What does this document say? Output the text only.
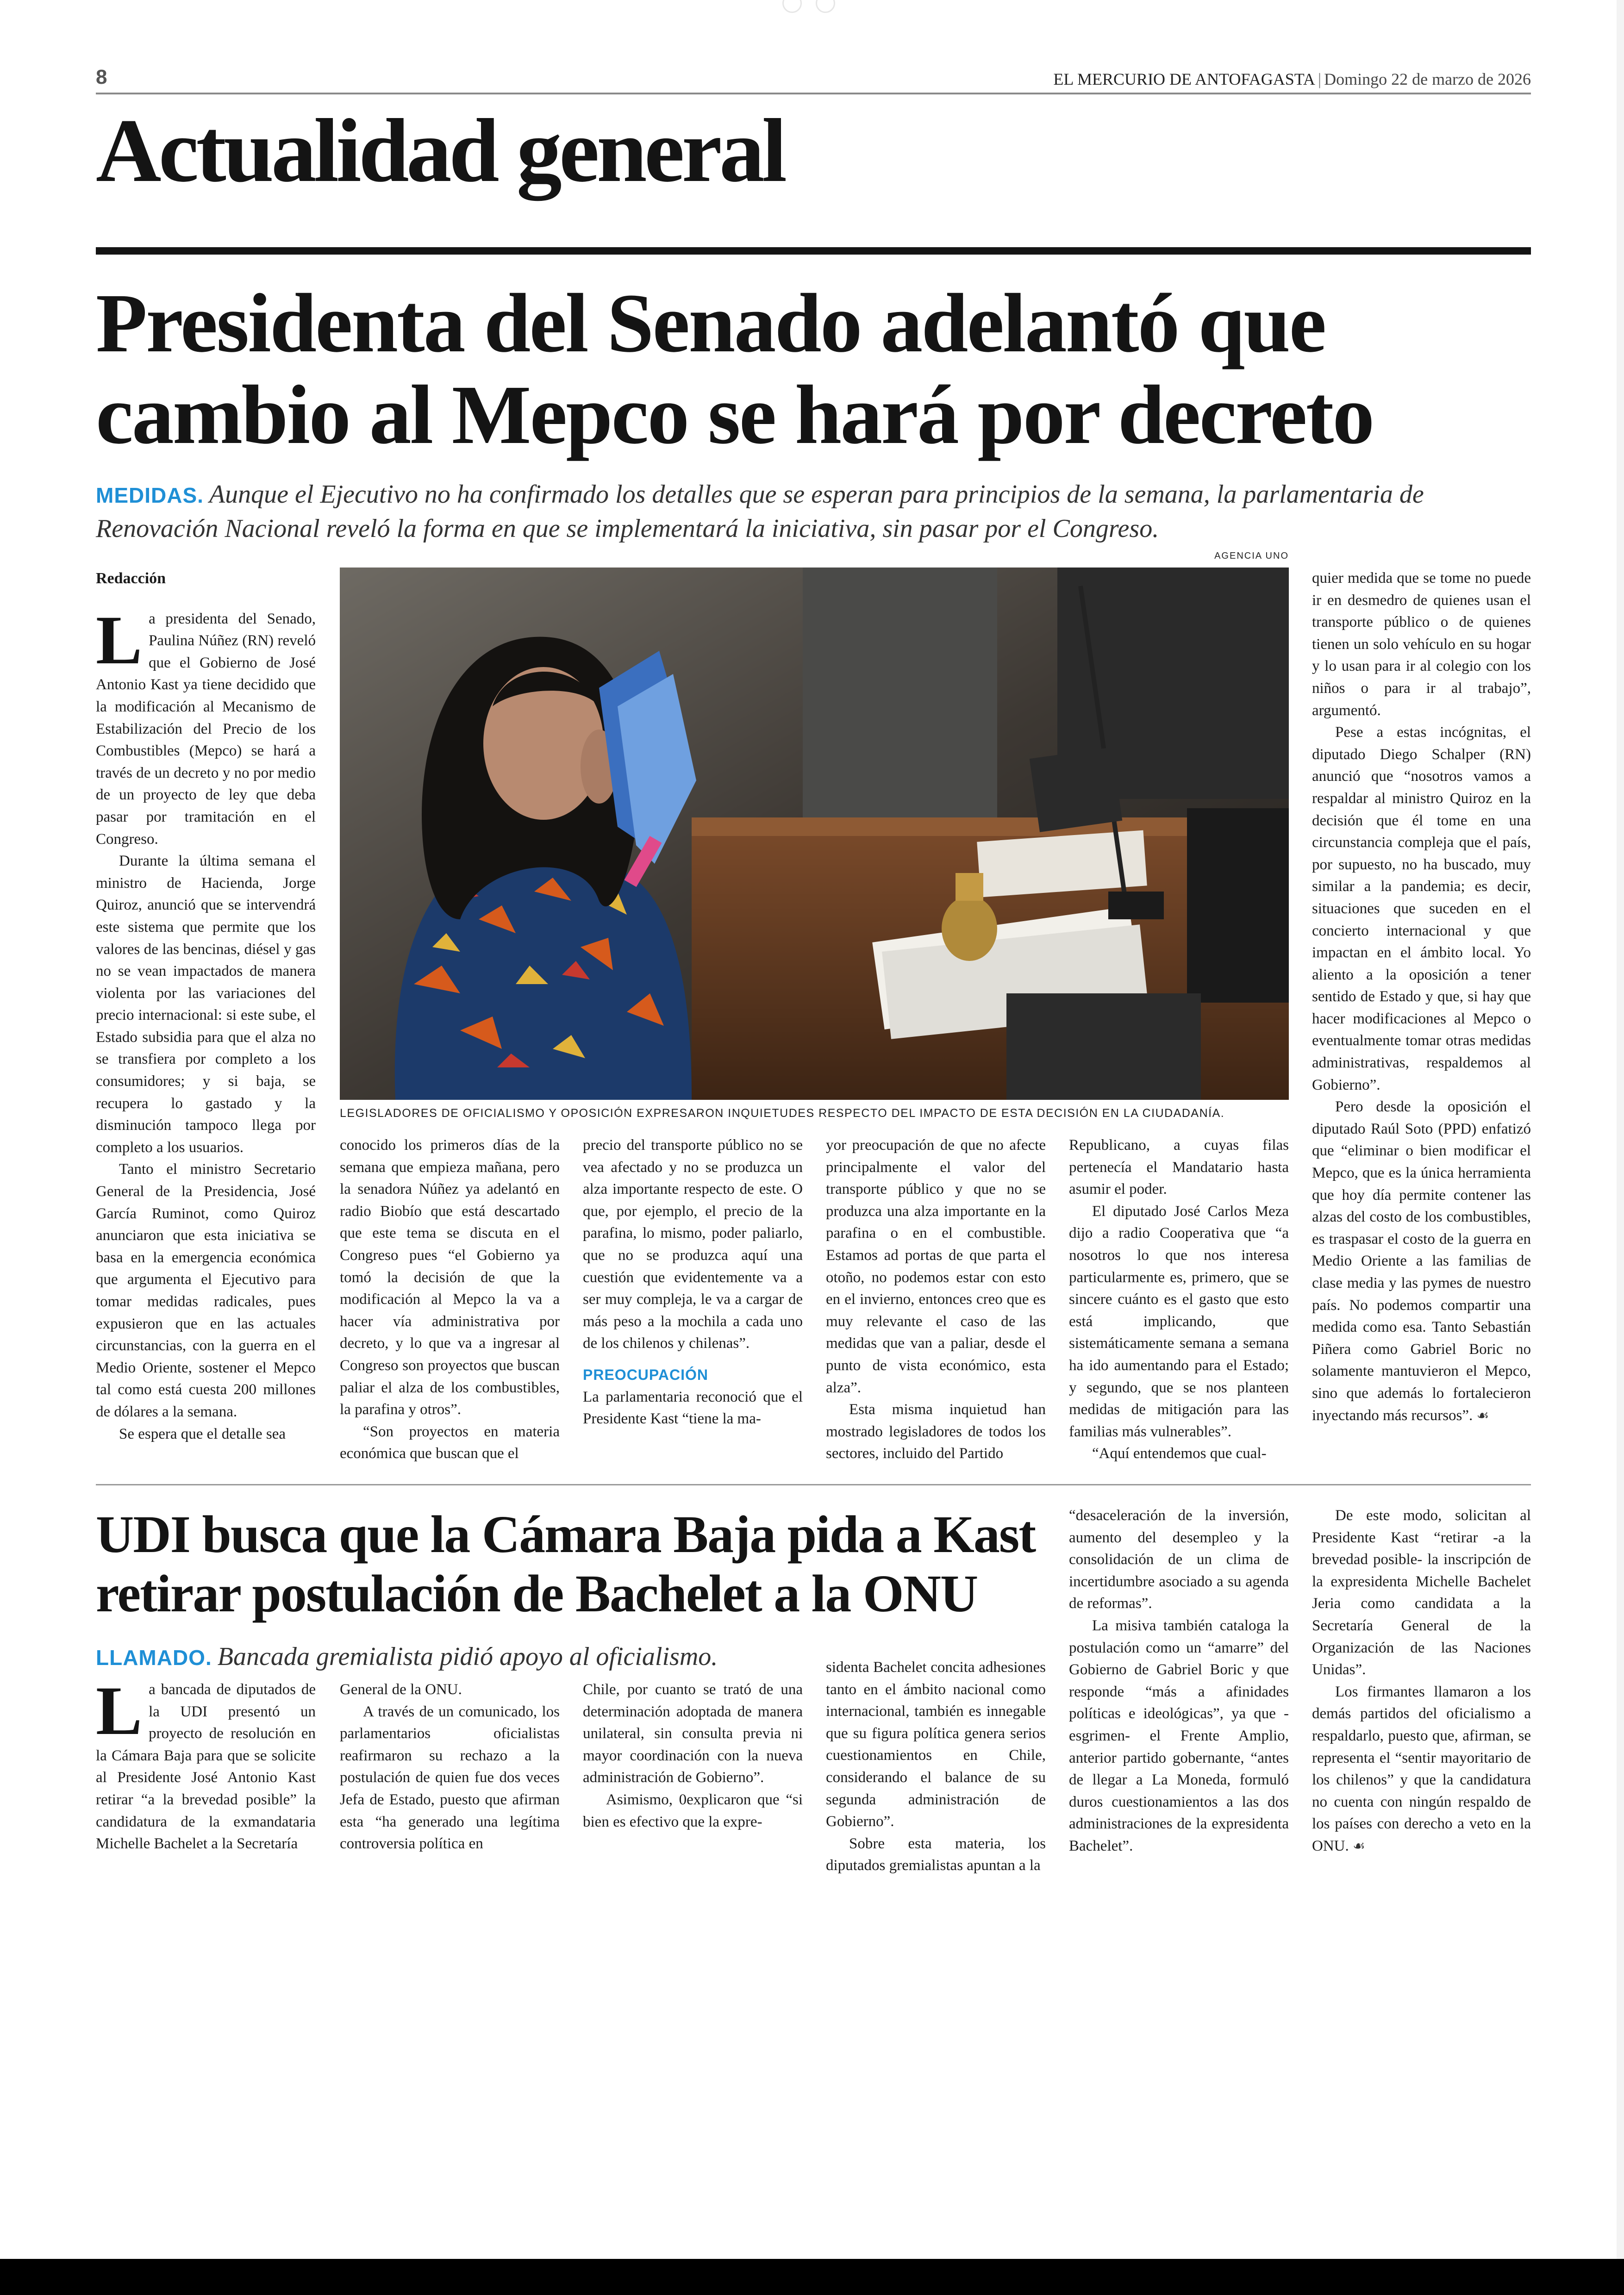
8	EL MERCURIO DE ANTOFAGASTA | Domingo 22 de marzo de 2026
Actualidad general
Presidenta del Senado adelantó que
cambio al Mepco se hará por decreto
MEDIDAS. Aunque el Ejecutivo no ha confirmado los detalles que se esperan para principios de la semana, la parlamentaria de Renovación Nacional reveló la forma en que se implementará la iniciativa, sin pasar por el Congreso.
AGENCIA UNO
Redacción

La presidenta del Senado, Paulina Núñez (RN) reveló que el Gobierno de José Antonio Kast ya tiene decidido que la modificación al Mecanismo de Estabilización del Precio de los Combustibles (Mepco) se hará a través de un decreto y no por medio de un proyecto de ley que deba pasar por tramitación en el Congreso.

Durante la última semana el ministro de Hacienda, Jorge Quiroz, anunció que se intervendrá este sistema que permite que los valores de las bencinas, diésel y gas no se vean impactados de manera violenta por las variaciones del precio internacional: si este sube, el Estado subsidia para que el alza no se transfiera por completo a los consumidores; y si baja, se recupera lo gastado y la disminución tampoco llega por completo a los usuarios.

Tanto el ministro Secretario General de la Presidencia, José García Ruminot, como Quiroz anunciaron que esta iniciativa se basa en la emergencia económica que argumenta el Ejecutivo para tomar medidas radicales, pues expusieron que en las actuales circunstancias, con la guerra en el Medio Oriente, sostener el Mepco tal como está cuesta 200 millones de dólares a la semana.

Se espera que el detalle sea

LEGISLADORES DE OFICIALISMO Y OPOSICIÓN EXPRESARON INQUIETUDES RESPECTO DEL IMPACTO DE ESTA DECISIÓN EN LA CIUDADANÍA.

conocido los primeros días de la semana que empieza mañana, pero la senadora Núñez ya adelantó en radio Biobío que está descartado que este tema se discuta en el Congreso pues “el Gobierno ya tomó la decisión de que la modificación al Mepco la va a hacer vía administrativa por decreto, y lo que va a ingresar al Congreso son proyectos que buscan paliar el alza de los combustibles, la parafina y otros”.

“Son proyectos en materia económica que buscan que el

precio del transporte público no se vea afectado y no se produzca un alza importante respecto de este. O que, por ejemplo, el precio de la parafina, lo mismo, poder paliarlo, que no se produzca aquí una cuestión que evidentemente va a ser muy compleja, le va a cargar de más peso a la mochila a cada uno de los chilenos y chilenas”.

PREOCUPACIÓN

La parlamentaria reconoció que el Presidente Kast “tiene la ma-

yor preocupación de que no afecte principalmente el valor del transporte público y que no se produzca una alza importante en la parafina o en el combustible. Estamos ad portas de que parta el otoño, no podemos estar con esto en el invierno, entonces creo que es muy relevante el caso de las medidas que van a paliar, desde el punto de vista económico, esta alza”.

Esta misma inquietud han mostrado legisladores de todos los sectores, incluido del Partido

Republicano, a cuyas filas pertenecía el Mandatario hasta asumir el poder.

El diputado José Carlos Meza dijo a radio Cooperativa que “a nosotros lo que nos interesa particularmente es, primero, que se sincere cuánto es el gasto que esto está implicando, que sistemáticamente semana a semana ha ido aumentando para el Estado; y segundo, que se nos planteen medidas de mitigación para las familias más vulnerables”.

“Aquí entendemos que cual-

quier medida que se tome no puede ir en desmedro de quienes usan el transporte público o de quienes tienen un solo vehículo en su hogar y lo usan para ir al colegio con los niños o para ir al trabajo”, argumentó.

Pese a estas incógnitas, el diputado Diego Schalper (RN) anunció que “nosotros vamos a respaldar al ministro Quiroz en la decisión que él tome en una circunstancia compleja que el país, por supuesto, no ha buscado, muy similar a la pandemia; es decir, situaciones que suceden en el concierto internacional y que impactan en el ámbito local. Yo aliento a la oposición a tener sentido de Estado y que, si hay que hacer modificaciones al Mepco o eventualmente tomar otras medidas administrativas, respaldemos al Gobierno”.

Pero desde la oposición el diputado Raúl Soto (PPD) enfatizó que “eliminar o bien modificar el Mepco, que es la única herramienta que hoy día permite contener las alzas del costo de los combustibles, es traspasar el costo de la guerra en Medio Oriente a las familias de clase media y las pymes de nuestro país. No podemos compartir una medida como esa. Tanto Sebastián Piñera como Gabriel Boric no solamente mantuvieron el Mepco, sino que además lo fortalecieron inyectando más recursos”. ☙

UDI busca que la Cámara Baja pida a Kast
retirar postulación de Bachelet a la ONU
LLAMADO. Bancada gremialista pidió apoyo al oficialismo.

La bancada de diputados de la UDI presentó un proyecto de resolución en la Cámara Baja para que se solicite al Presidente José Antonio Kast retirar “a la brevedad posible” la candidatura de la exmandataria Michelle Bachelet a la Secretaría

General de la ONU.

A través de un comunicado, los parlamentarios oficialistas reafirmaron su rechazo a la postulación de quien fue dos veces Jefa de Estado, puesto que afirman esta “ha generado una legítima controversia política en

Chile, por cuanto se trató de una determinación adoptada de manera unilateral, sin consulta previa ni mayor coordinación con la nueva administración de Gobierno”.

Asimismo, 0explicaron que “si bien es efectivo que la expre-

sidenta Bachelet concita adhesiones tanto en el ámbito nacional como internacional, también es innegable que su figura política genera serios cuestionamientos en Chile, considerando el balance de su segunda administración de Gobierno”.

Sobre esta materia, los diputados gremialistas apuntan a la

“desaceleración de la inversión, aumento del desempleo y la consolidación de un clima de incertidumbre asociado a su agenda de reformas”.

La misiva también cataloga la postulación como un “amarre” del Gobierno de Gabriel Boric y que responde “más a afinidades políticas e ideológicas”, ya que -esgrimen- el Frente Amplio, anterior partido gobernante, “antes de llegar a La Moneda, formuló duros cuestionamientos a las dos administraciones de la expresidenta Bachelet”.

De este modo, solicitan al Presidente Kast “retirar -a la brevedad posible- la inscripción de la expresidenta Michelle Bachelet Jeria como candidata a la Secretaría General de la Organización de las Naciones Unidas”.

Los firmantes llamaron a los demás partidos del oficialismo a respaldarlo, puesto que, afirman, se representa el “sentir mayoritario de los chilenos” y que la candidatura no cuenta con ningún respaldo de los países con derecho a veto en la ONU. ☙
